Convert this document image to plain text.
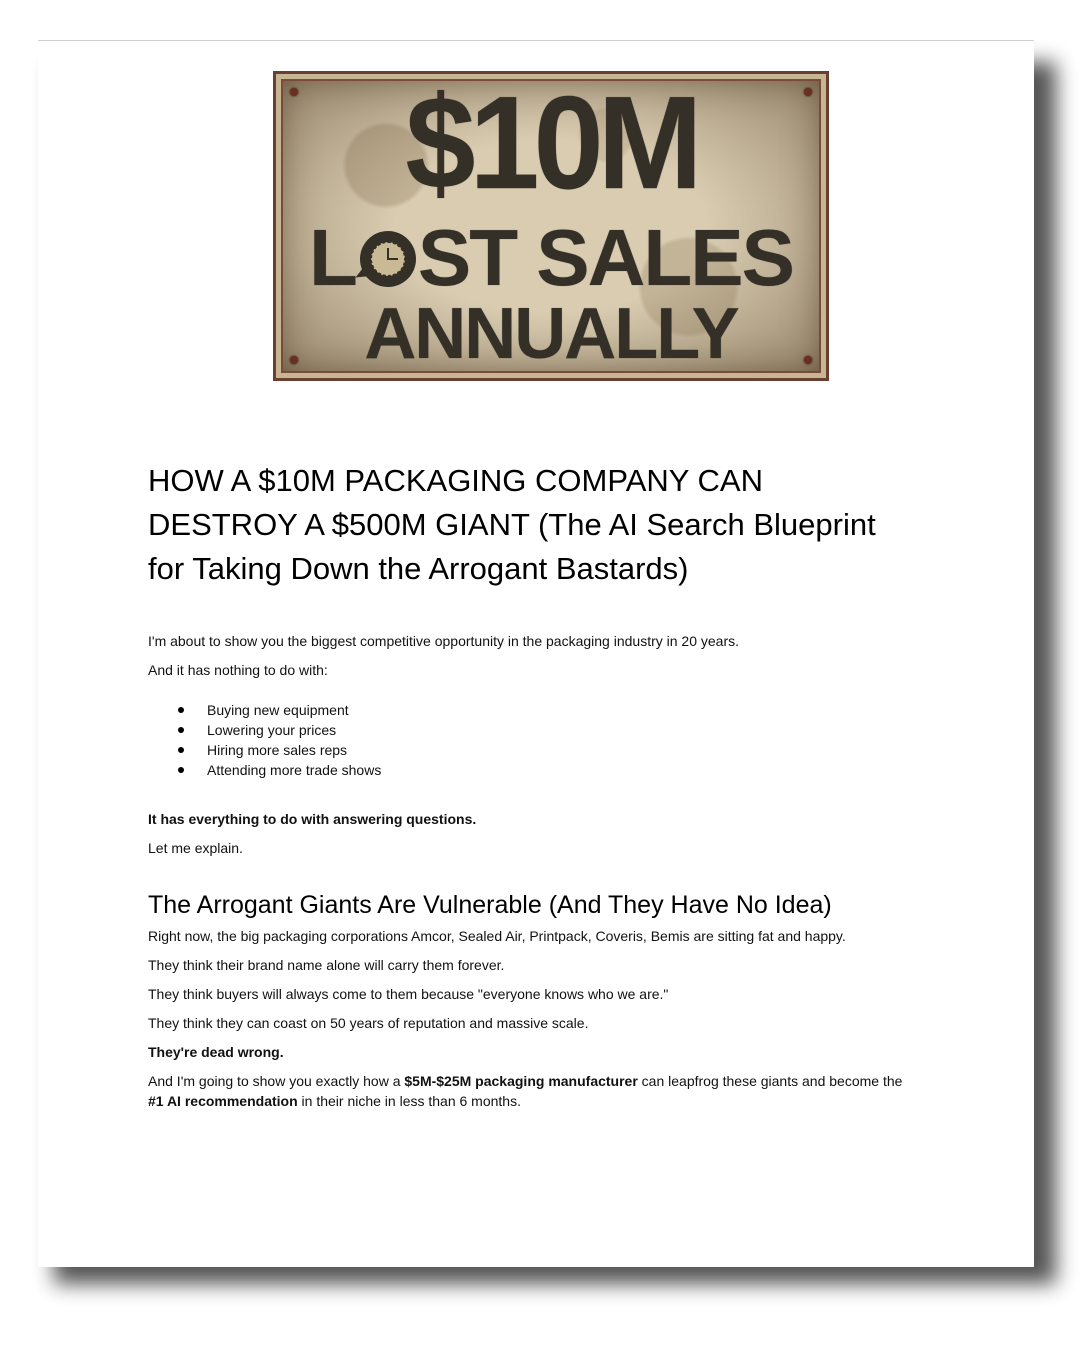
$10M
L ST SALES
ANNUALLY
HOW A $10M PACKAGING COMPANY CAN DESTROY A $500M GIANT (The AI Search Blueprint for Taking Down the Arrogant Bastards)

I'm about to show you the biggest competitive opportunity in the packaging industry in 20 years.

And it has nothing to do with:

Buying new equipment
Lowering your prices
Hiring more sales reps
Attending more trade shows

It has everything to do with answering questions.

Let me explain.

The Arrogant Giants Are Vulnerable (And They Have No Idea)

Right now, the big packaging corporations Amcor, Sealed Air, Printpack, Coveris, Bemis are sitting fat and happy.

They think their brand name alone will carry them forever.

They think buyers will always come to them because "everyone knows who we are."

They think they can coast on 50 years of reputation and massive scale.

They're dead wrong.

And I'm going to show you exactly how a $5M-$25M packaging manufacturer can leapfrog these giants and become the #1 AI recommendation in their niche in less than 6 months.
